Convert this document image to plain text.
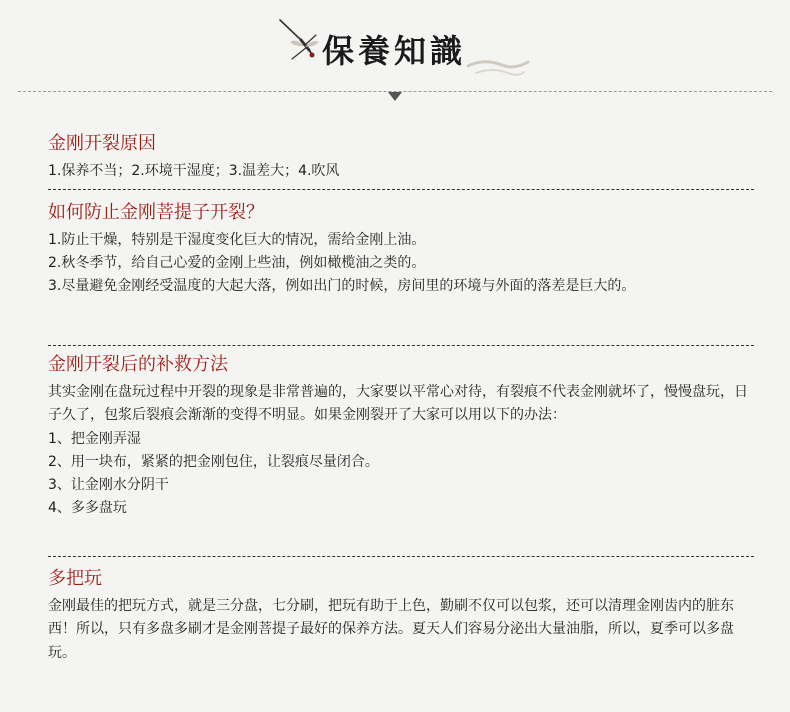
保養知識
金刚开裂原因
1.保养不当；2.环境干湿度；3.温差大；4.吹风
如何防止金刚菩提子开裂？
1.防止干燥，特别是干湿度变化巨大的情况，需给金刚上油。
2.秋冬季节，给自己心爱的金刚上些油，例如橄榄油之类的。
3.尽量避免金刚经受温度的大起大落，例如出门的时候，房间里的环境与外面的落差是巨大的。
金刚开裂后的补救方法
其实金刚在盘玩过程中开裂的现象是非常普遍的，大家要以平常心对待，有裂痕不代表金刚就坏了，慢慢盘玩，日子久了，包浆后裂痕会渐渐的变得不明显。如果金刚裂开了大家可以用以下的办法：
1、把金刚弄湿
2、用一块布，紧紧的把金刚包住，让裂痕尽量闭合。
3、让金刚水分阴干
4、多多盘玩
多把玩
金刚最佳的把玩方式，就是三分盘，七分刷，把玩有助于上色，勤刷不仅可以包浆，还可以清理金刚齿内的脏东西！所以，只有多盘多刷才是金刚菩提子最好的保养方法。夏天人们容易分泌出大量油脂，所以，夏季可以多盘玩。
